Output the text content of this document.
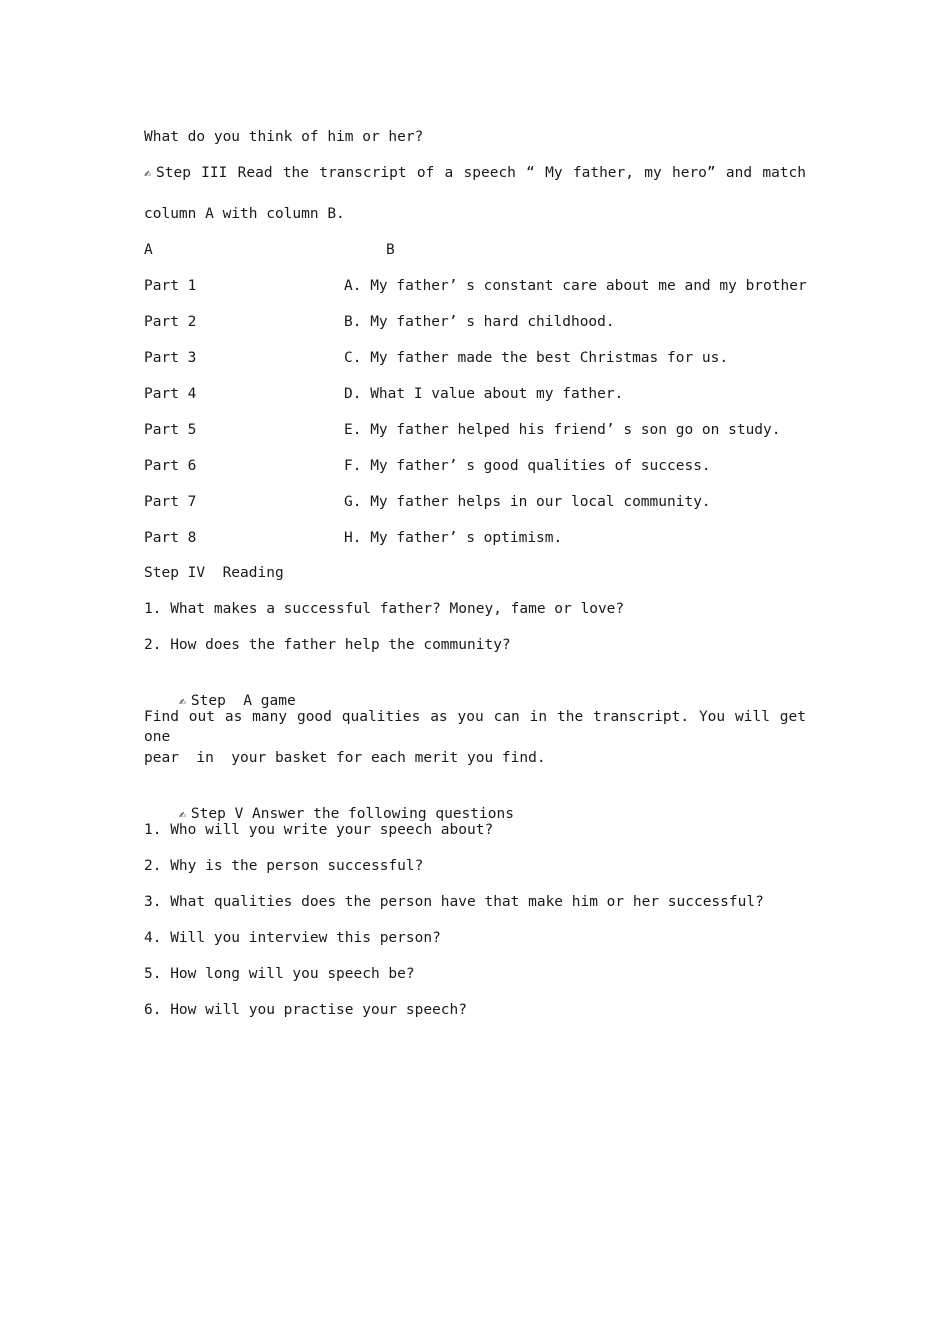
What do you think of him or her?
✍ Step III Read the transcript of a speech “ My father, my hero” and match
column A with column B.
A	B
Part 1	A. My father’ s constant care about me and my brother
Part 2	B. My father’ s hard childhood.
Part 3	C. My father made the best Christmas for us.
Part 4	D. What I value about my father.
Part 5	E. My father helped his friend’ s son go on study.
Part 6	F. My father’ s good qualities of success.
Part 7	G. My father helps in our local community.
Part 8	H. My father’ s optimism.
Step IV  Reading
1. What makes a successful father? Money, fame or love?
2. How does the father help the community?

✍ Step  A game

Find out as many good qualities as you can in the transcript. You will get one
pear  in  your basket for each merit you find.

✍ Step V Answer the following questions

1. Who will you write your speech about?
2. Why is the person successful?
3. What qualities does the person have that make him or her successful?
4. Will you interview this person?
5. How long will you speech be?
6. How will you practise your speech?
